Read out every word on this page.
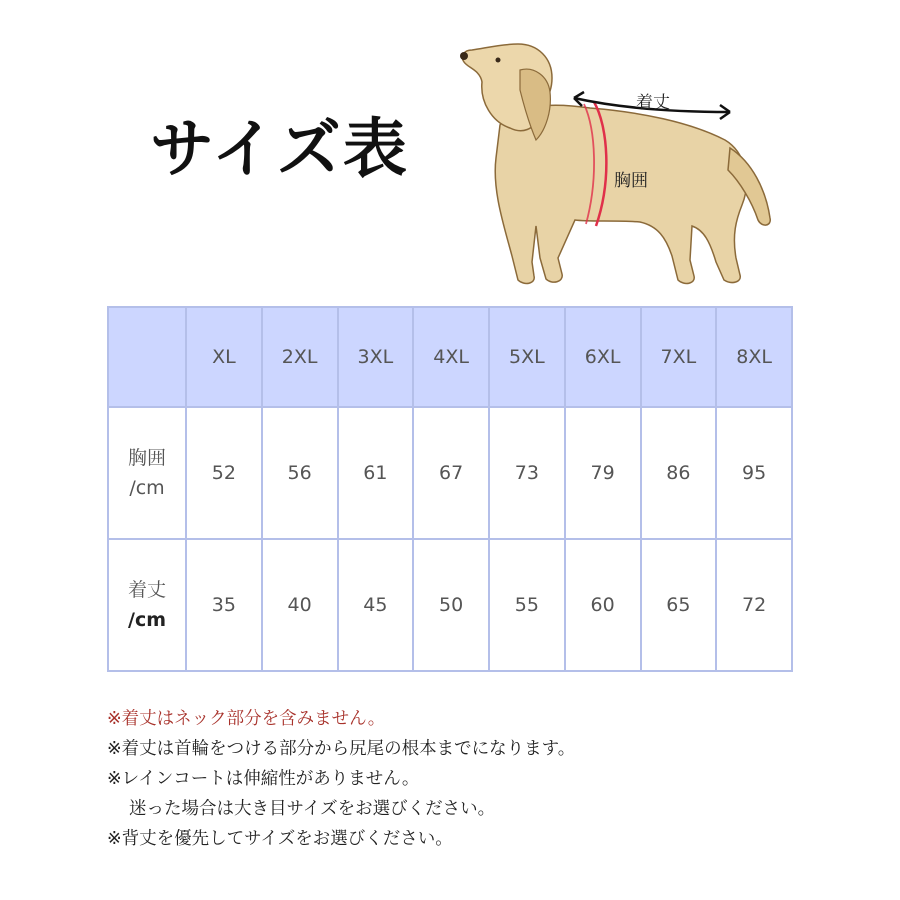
サイズ表
着丈
胸囲
	XL	2XL	3XL	4XL	5XL	6XL	7XL	8XL

胸囲
/cm	52	56	61	67	73	79	86	95

着丈
/cm	35	40	45	50	55	60	65	72
※着丈はネック部分を含みません。
※着丈は首輪をつける部分から尻尾の根本までになります。
※レインコートは伸縮性がありません。
迷った場合は大き目サイズをお選びください。
※背丈を優先してサイズをお選びください。
